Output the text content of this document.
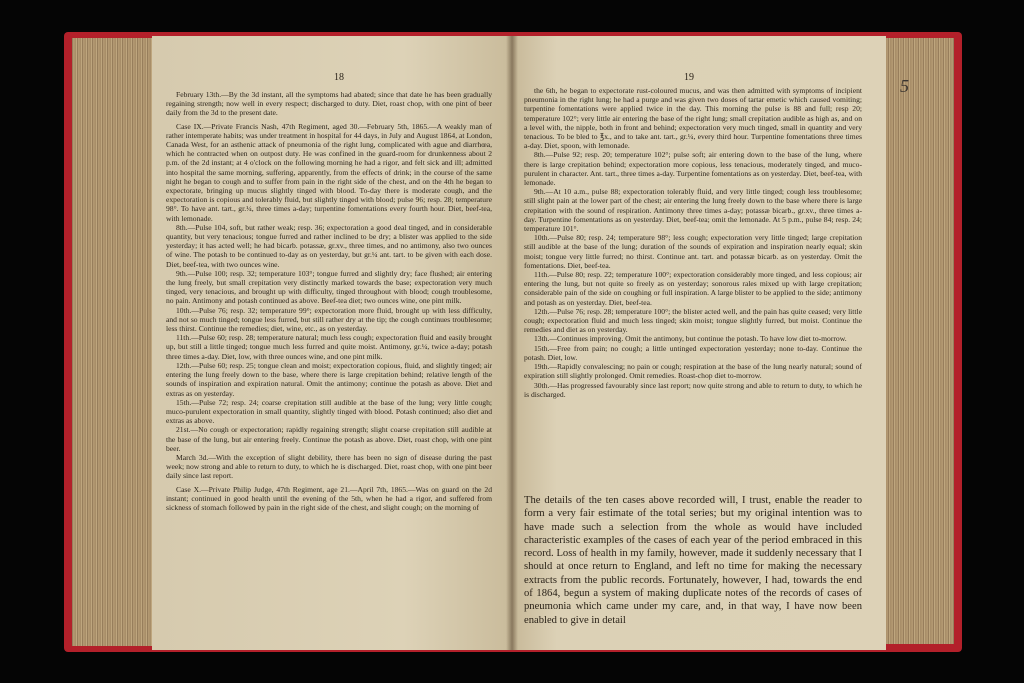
18	19

February 13th.—By the 3d instant, all the symptoms had abated; since that date he has been gradually regaining strength; now well in every respect; discharged to duty. Diet, roast chop, with one pint of beer daily from the 3d to the present date.

Case IX.—Private Francis Nash, 47th Regiment, aged 30.—February 5th, 1865.—A weakly man of rather intemperate habits; was under treatment in hospital for 44 days, in July and August 1864, at London, Canada West, for an asthenic attack of pneumonia of the right lung, complicated with ague and diarrhœa, which he contracted when on outpost duty. He was confined in the guard-room for drunkenness about 2 p.m. of the 2d instant; at 4 o'clock on the following morning he had a rigor, and felt sick and ill; admitted into hospital the same morning, suffering, apparently, from the effects of drink; in the course of the same night he began to cough and to suffer from pain in the right side of the chest, and on the 4th he began to expectorate, bringing up mucus slightly tinged with blood. To-day there is moderate cough, and the expectoration is copious and tolerably fluid, but slightly tinged with blood; pulse 96; resp. 28; temperature 98°. To have ant. tart., gr.¼, three times a-day; turpentine fomentations every fourth hour. Diet, beef-tea, with lemonade.

8th.—Pulse 104, soft, but rather weak; resp. 36; expectoration a good deal tinged, and in considerable quantity, but very tenacious; tongue furred and rather inclined to be dry; a blister was applied to the side yesterday; it has acted well; he had bicarb. potassæ, gr.xv., three times, and no antimony, also two ounces of wine. The potash to be continued to-day as on yesterday, but gr.¼ ant. tart. to be given with each dose. Diet, beef-tea, with two ounces wine.

9th.—Pulse 100; resp. 32; temperature 103°; tongue furred and slightly dry; face flushed; air entering the lung freely, but small crepitation very distinctly marked towards the base; expectoration very much tinged, very tenacious, and brought up with difficulty, tinged throughout with blood; cough troublesome, no pain. Antimony and potash continued as above. Beef-tea diet; two ounces wine, one pint milk.

10th.—Pulse 76; resp. 32; temperature 99°; expectoration more fluid, brought up with less difficulty, and not so much tinged; tongue less furred, but still rather dry at the tip; the cough continues troublesome; less thirst. Continue the remedies; diet, wine, etc., as on yesterday.

11th.—Pulse 60; resp. 28; temperature natural; much less cough; expectoration fluid and easily brought up, but still a little tinged; tongue much less furred and quite moist. Antimony, gr.¼, twice a-day; potash three times a-day. Diet, low, with three ounces wine, and one pint milk.

12th.—Pulse 60; resp. 25; tongue clean and moist; expectoration copious, fluid, and slightly tinged; air entering the lung freely down to the base, where there is large crepitation behind; relative length of the sounds of inspiration and expiration natural. Omit the antimony; continue the potash as above. Diet and extras as on yesterday.

15th.—Pulse 72; resp. 24; coarse crepitation still audible at the base of the lung; very little cough; muco-purulent expectoration in small quantity, slightly tinged with blood. Potash continued; also diet and extras as above.

21st.—No cough or expectoration; rapidly regaining strength; slight coarse crepitation still audible at the base of the lung, but air entering freely. Continue the potash as above. Diet, roast chop, with one pint beer.

March 3d.—With the exception of slight debility, there has been no sign of disease during the past week; now strong and able to return to duty, to which he is discharged. Diet, roast chop, with one pint beer daily since last report.

Case X.—Private Philip Judge, 47th Regiment, age 21.—April 7th, 1865.—Was on guard on the 2d instant; continued in good health until the evening of the 5th, when he had a rigor, and suffered from sickness of stomach followed by pain in the right side of the chest, and slight cough; on the morning of

the 6th, he began to expectorate rust-coloured mucus, and was then admitted with symptoms of incipient pneumonia in the right lung; he had a purge and was given two doses of tartar emetic which caused vomiting; turpentine fomentations were applied twice in the day. This morning the pulse is 88 and full; resp 20; temperature 102°; very little air entering the base of the right lung; small crepitation audible as high as, and on a level with, the nipple, both in front and behind; expectoration very much tinged, small in quantity and very tenacious. To be bled to ℥x., and to take ant. tart., gr.¼, every third hour. Turpentine fomentations three times a-day. Diet, spoon, with lemonade.

8th.—Pulse 92; resp. 20; temperature 102°; pulse soft; air entering down to the base of the lung, where there is large crepitation behind; expectoration more copious, less tenacious, moderately tinged, and muco-purulent in character. Ant. tart., three times a-day. Turpentine fomentations as on yesterday. Diet, beef-tea, with lemonade.

9th.—At 10 a.m., pulse 88; expectoration tolerably fluid, and very little tinged; cough less troublesome; still slight pain at the lower part of the chest; air entering the lung freely down to the base where there is large crepitation with the sound of respiration. Antimony three times a-day; potassæ bicarb., gr.xv., three times a-day. Turpentine fomentations as on yesterday. Diet, beef-tea; omit the lemonade. At 5 p.m., pulse 84; resp. 24; temperature 101°.

10th.—Pulse 80; resp. 24; temperature 98°; less cough; expectoration very little tinged; large crepitation still audible at the base of the lung; duration of the sounds of expiration and inspiration nearly equal; skin moist; tongue very little furred; no thirst. Continue ant. tart. and potassæ bicarb. as on yesterday. Omit the fomentations. Diet, beef-tea.

11th.—Pulse 80; resp. 22; temperature 100°; expectoration considerably more tinged, and less copious; air entering the lung, but not quite so freely as on yesterday; sonorous rales mixed up with large crepitation; considerable pain of the side on coughing or full inspiration. A large blister to be applied to the side; antimony and potash as on yesterday. Diet, beef-tea.

12th.—Pulse 76; resp. 28; temperature 100°; the blister acted well, and the pain has quite ceased; very little cough; expectoration fluid and much less tinged; skin moist; tongue slightly furred, but moist. Continue the remedies and diet as on yesterday.

13th.—Continues improving. Omit the antimony, but continue the potash. To have low diet to-morrow.

15th.—Free from pain; no cough; a little untinged expectoration yesterday; none to-day. Continue the potash. Diet, low.

19th.—Rapidly convalescing; no pain or cough; respiration at the base of the lung nearly natural; sound of expiration still slightly prolonged. Omit remedies. Roast-chop diet to-morrow.

30th.—Has progressed favourably since last report; now quite strong and able to return to duty, to which he is discharged.

The details of the ten cases above recorded will, I trust, enable the reader to form a very fair estimate of the total series; but my original intention was to have made such a selection from the whole as would have included characteristic examples of the cases of each year of the period embraced in this record. Loss of health in my family, however, made it suddenly necessary that I should at once return to England, and left no time for making the necessary extracts from the public records. Fortunately, however, I had, towards the end of 1864, begun a system of making duplicate notes of the records of cases of pneumonia which came under my care, and, in that way, I have now been enabled to give in detail
5
